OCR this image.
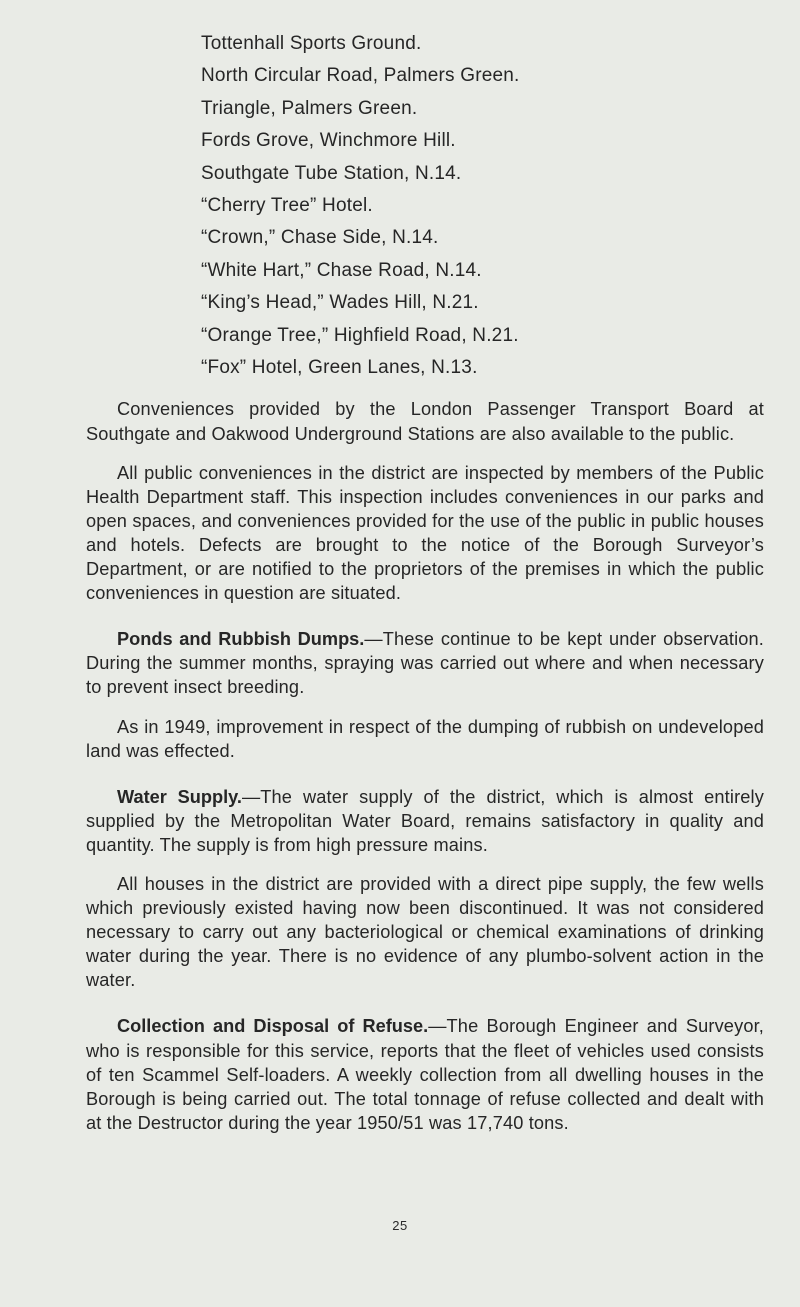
Tottenhall Sports Ground.
North Circular Road, Palmers Green.
Triangle, Palmers Green.
Fords Grove, Winchmore Hill.
Southgate Tube Station, N.14.
“Cherry Tree” Hotel.
“Crown,” Chase Side, N.14.
“White Hart,” Chase Road, N.14.
“King’s Head,” Wades Hill, N.21.
“Orange Tree,” Highfield Road, N.21.
“Fox” Hotel, Green Lanes, N.13.

Conveniences provided by the London Passenger Transport Board at Southgate and Oakwood Underground Stations are also available to the public.

All public conveniences in the district are inspected by members of the Public Health Department staff. This inspection includes conveniences in our parks and open spaces, and conveniences provided for the use of the public in public houses and hotels. Defects are brought to the notice of the Borough Surveyor’s Department, or are notified to the proprietors of the premises in which the public conveniences in question are situated.

Ponds and Rubbish Dumps.—These continue to be kept under observation. During the summer months, spraying was carried out where and when necessary to prevent insect breeding.

As in 1949, improvement in respect of the dumping of rubbish on undeveloped land was effected.

Water Supply.—The water supply of the district, which is almost entirely supplied by the Metropolitan Water Board, remains satisfactory in quality and quantity. The supply is from high pressure mains.

All houses in the district are provided with a direct pipe supply, the few wells which previously existed having now been discontinued. It was not considered necessary to carry out any bacteriological or chemical examinations of drinking water during the year. There is no evidence of any plumbo-solvent action in the water.

Collection and Disposal of Refuse.—The Borough Engineer and Surveyor, who is responsible for this service, reports that the fleet of vehicles used consists of ten Scammel Self-loaders. A weekly collection from all dwelling houses in the Borough is being carried out. The total tonnage of refuse collected and dealt with at the Destructor during the year 1950/51 was 17,740 tons.

25
